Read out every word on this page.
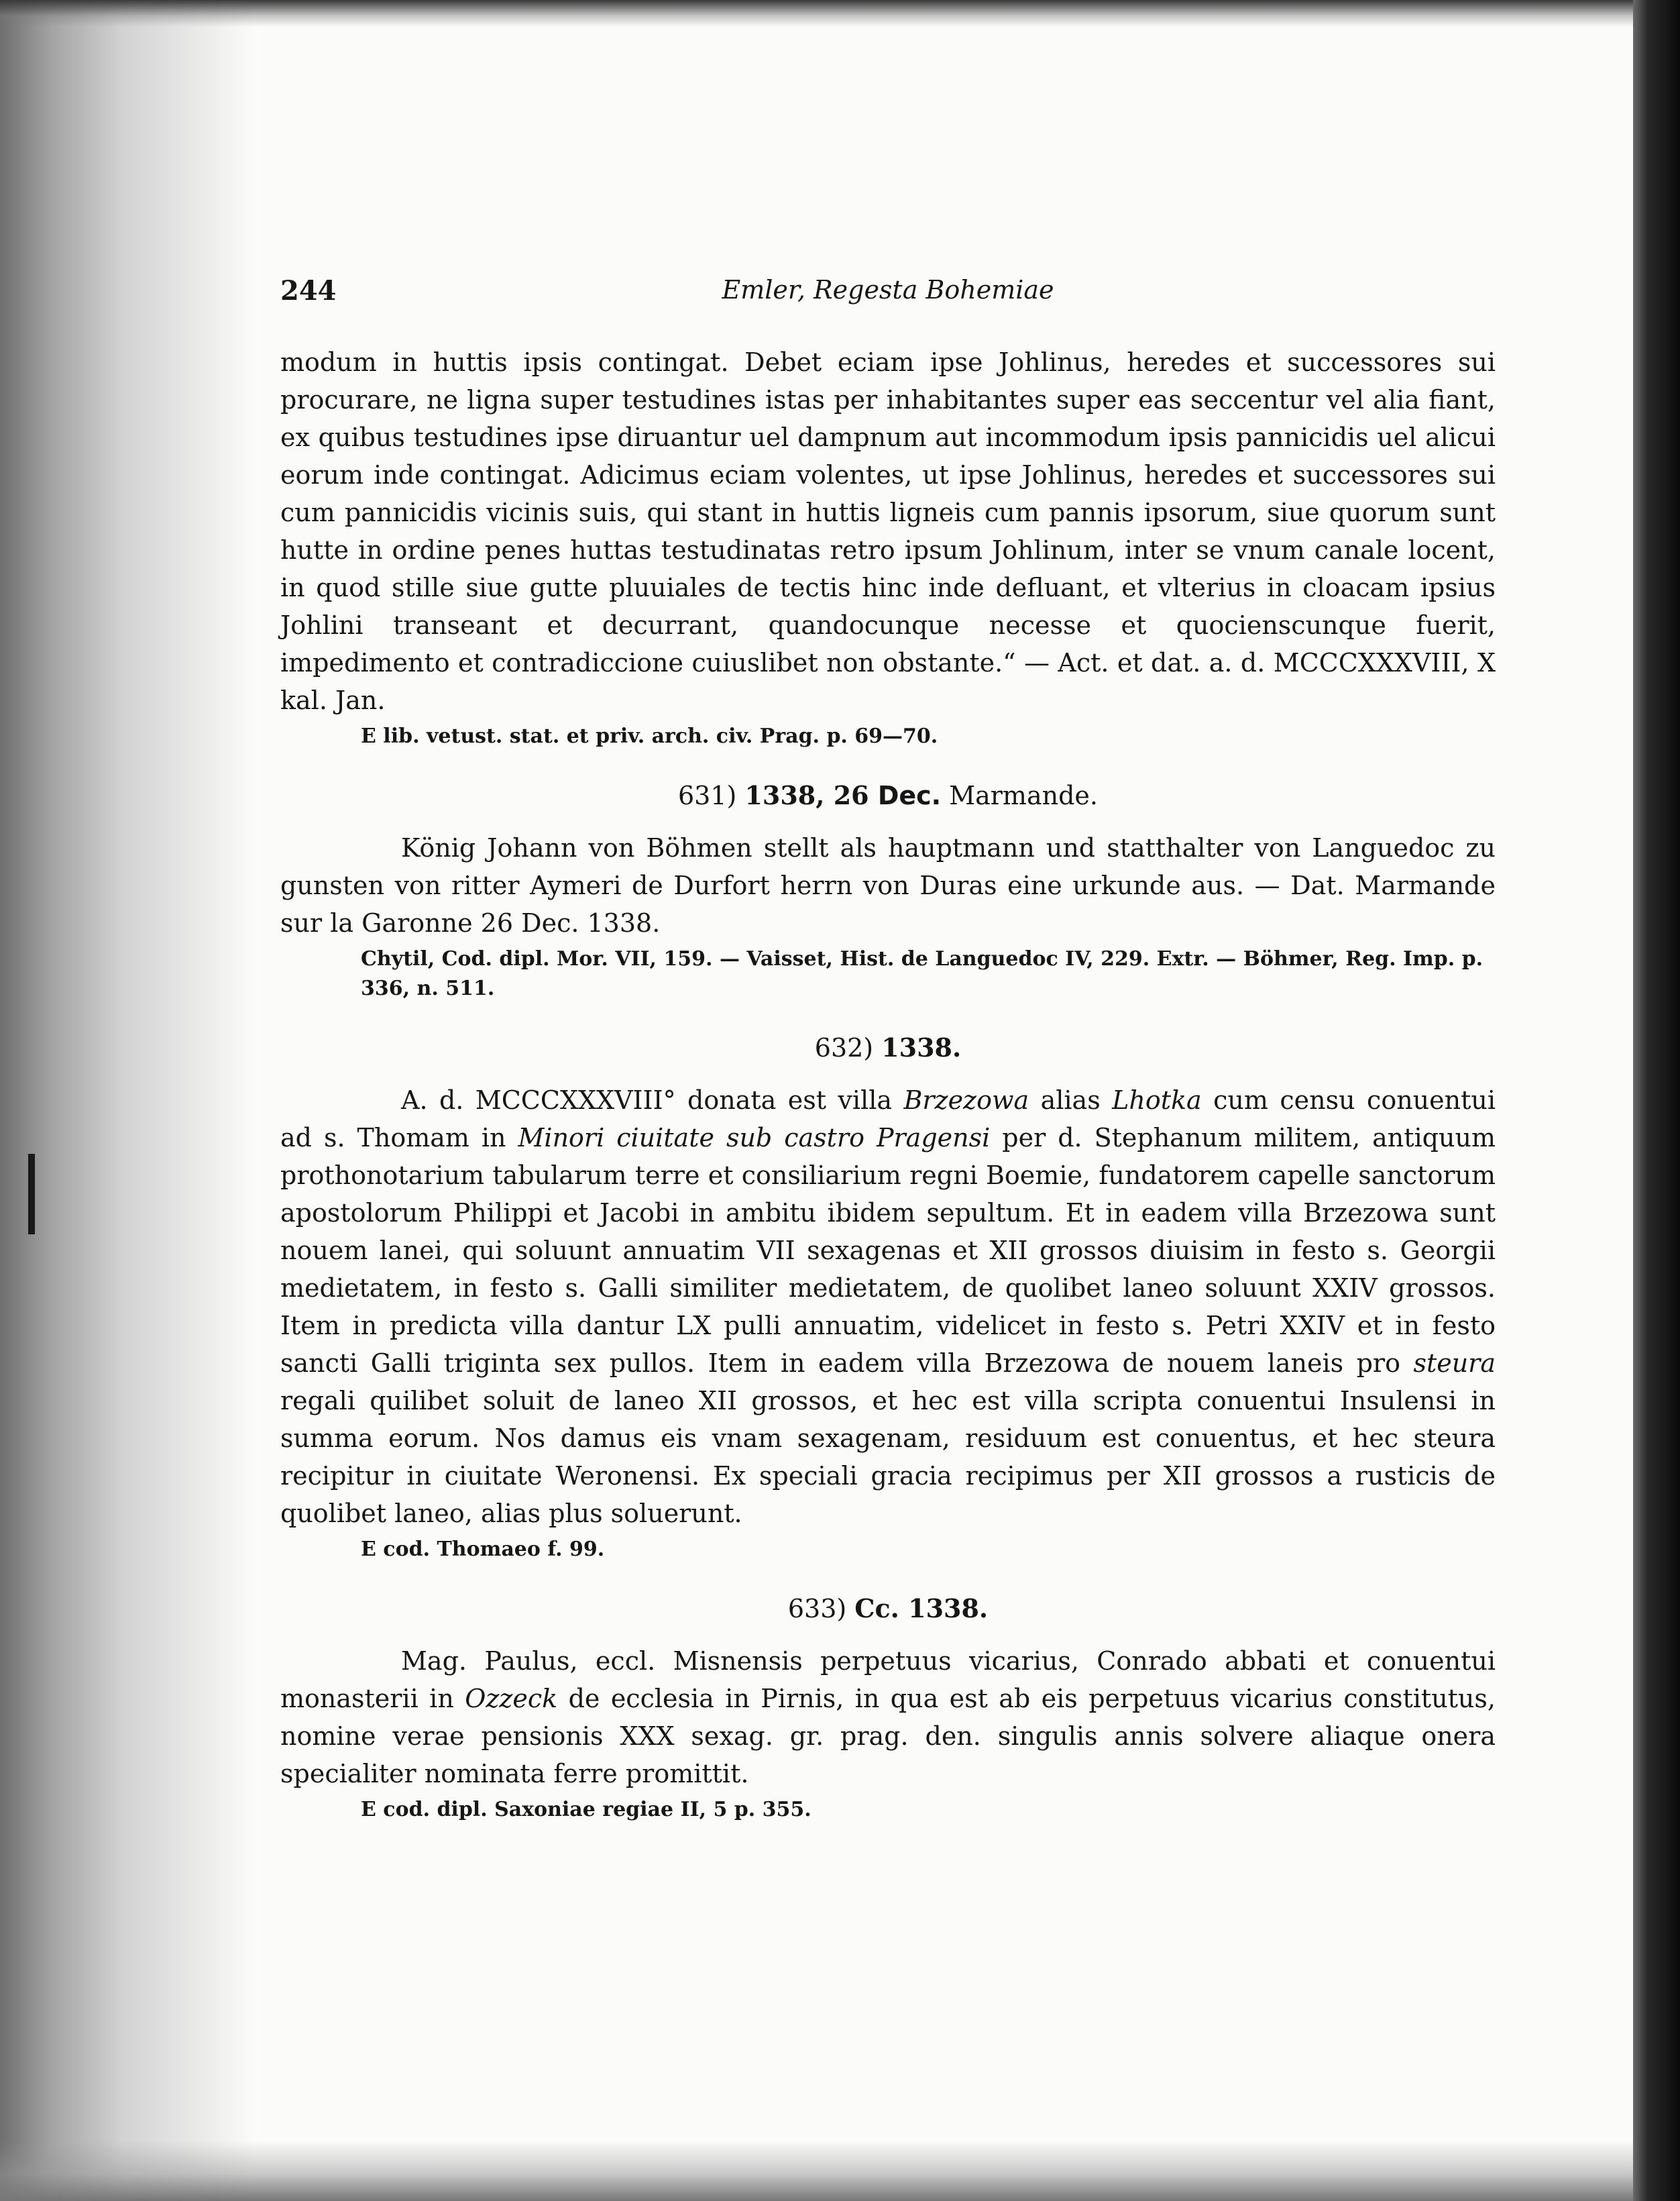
Emler, Regesta Bohemiae
244

modum in huttis ipsis contingat. Debet eciam ipse Johlinus, heredes et successores sui procurare, ne ligna super testudines istas per inhabitantes super eas seccentur vel alia fiant, ex quibus testudines ipse diruantur uel dampnum aut incommodum ipsis pannicidis uel alicui eorum inde contingat. Adicimus eciam volentes, ut ipse Johlinus, heredes et successores sui cum pannicidis vicinis suis, qui stant in huttis ligneis cum pannis ipsorum, siue quorum sunt hutte in ordine penes huttas testudinatas retro ipsum Johlinum, inter se vnum canale locent, in quod stille siue gutte pluuiales de tectis hinc inde defluant, et vlterius in cloacam ipsius Johlini transeant et decurrant, quandocunque necesse et quocienscunque fuerit, impedimento et contradiccione cuiuslibet non obstante.“ — Act. et dat. a. d. MCCCXXXVIII, X kal. Jan.

E lib. vetust. stat. et priv. arch. civ. Prag. p. 69—70.

631) 1338, 26 Dec. Marmande.

König Johann von Böhmen stellt als hauptmann und statthalter von Languedoc zu gunsten von ritter Aymeri de Durfort herrn von Duras eine urkunde aus. — Dat. Marmande sur la Garonne 26 Dec. 1338.

Chytil, Cod. dipl. Mor. VII, 159. — Vaisset, Hist. de Languedoc IV, 229. Extr. — Böhmer, Reg. Imp. p. 336, n. 511.

632) 1338.

A. d. MCCCXXXVIII° donata est villa Brzezowa alias Lhotka cum censu conuentui ad s. Thomam in Minori ciuitate sub castro Pragensi per d. Stephanum militem, antiquum prothonotarium tabularum terre et consiliarium regni Boemie, fundatorem capelle sanctorum apostolorum Philippi et Jacobi in ambitu ibidem sepultum. Et in eadem villa Brzezowa sunt nouem lanei, qui soluunt annuatim VII sexagenas et XII grossos diuisim in festo s. Georgii medietatem, in festo s. Galli similiter medietatem, de quolibet laneo soluunt XXIV grossos. Item in predicta villa dantur LX pulli annuatim, videlicet in festo s. Petri XXIV et in festo sancti Galli triginta sex pullos. Item in eadem villa Brzezowa de nouem laneis pro steura regali quilibet soluit de laneo XII grossos, et hec est villa scripta conuentui Insulensi in summa eorum. Nos damus eis vnam sexagenam, residuum est conuentus, et hec steura recipitur in ciuitate Weronensi. Ex speciali gracia recipimus per XII grossos a rusticis de quolibet laneo, alias plus soluerunt.

E cod. Thomaeo f. 99.

633) Cc. 1338.

Mag. Paulus, eccl. Misnensis perpetuus vicarius, Conrado abbati et conuentui monasterii in Ozzeck de ecclesia in Pirnis, in qua est ab eis perpetuus vicarius constitutus, nomine verae pensionis XXX sexag. gr. prag. den. singulis annis solvere aliaque onera specialiter nominata ferre promittit.

E cod. dipl. Saxoniae regiae II, 5 p. 355.
